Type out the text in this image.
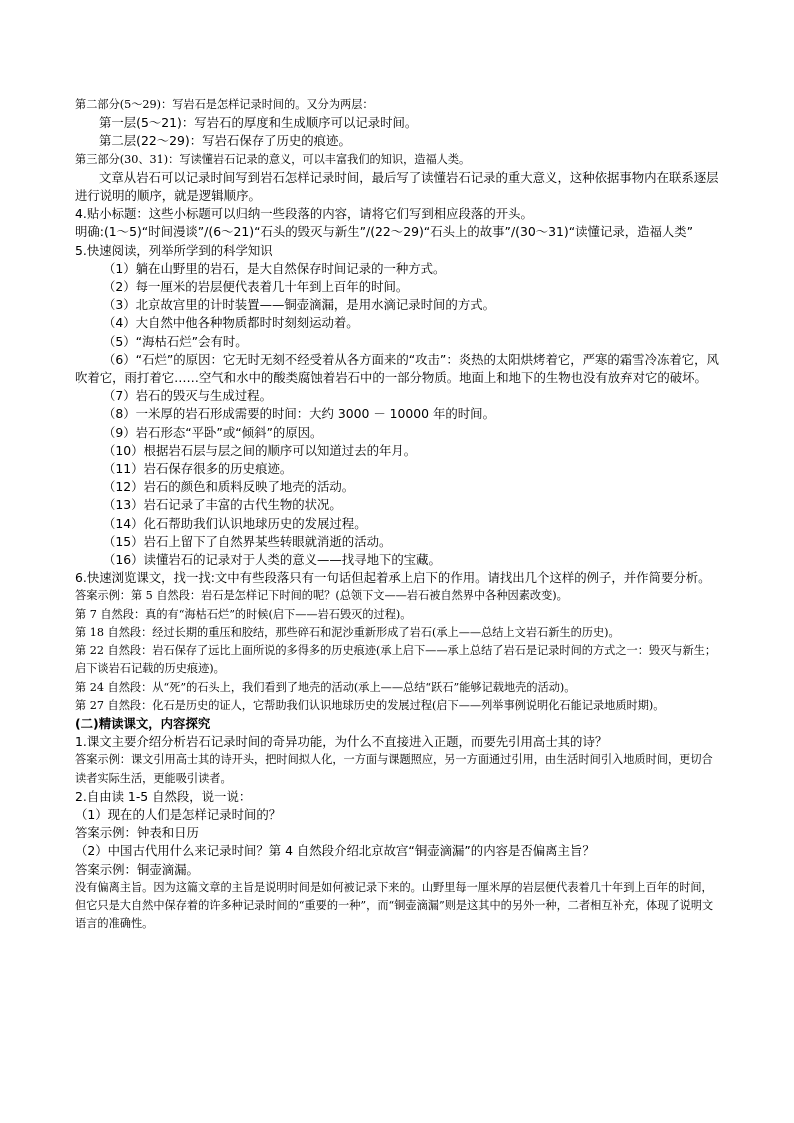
第二部分(5～29)：写岩石是怎样记录时间的。又分为两层：

第一层(5～21)：写岩石的厚度和生成顺序可以记录时间。

第二层(22～29)：写岩石保存了历史的痕迹。

第三部分(30、31)：写读懂岩石记录的意义，可以丰富我们的知识，造福人类。

文章从岩石可以记录时间写到岩石怎样记录时间，最后写了读懂岩石记录的重大意义，这种依据事物内在联系逐层进行说明的顺序，就是逻辑顺序。

4.贴小标题：这些小标题可以归纳一些段落的内容，请将它们写到相应段落的开头。

明确:(1～5)“时间漫谈”/(6～21)“石头的毁灭与新生”/(22～29)“石头上的故事”/(30～31)“读懂记录，造福人类”

5.快速阅读，列举所学到的科学知识

（1）躺在山野里的岩石，是大自然保存时间记录的一种方式。

（2）每一厘米的岩层便代表着几十年到上百年的时间。

（3）北京故宫里的计时装置——铜壶滴漏，是用水滴记录时间的方式。

（4）大自然中他各种物质都时时刻刻运动着。

（5）“海枯石烂”会有时。

（6）“石烂”的原因：它无时无刻不经受着从各方面来的“攻击”：炎热的太阳烘烤着它，严寒的霜雪冷冻着它，风吹着它，雨打着它……空气和水中的酸类腐蚀着岩石中的一部分物质。地面上和地下的生物也没有放弃对它的破坏。

（7）岩石的毁灭与生成过程。

（8）一米厚的岩石形成需要的时间：大约 3000 － 10000 年的时间。

（9）岩石形态“平卧”或“倾斜”的原因。

（10）根据岩石层与层之间的顺序可以知道过去的年月。

（11）岩石保存很多的历史痕迹。

（12）岩石的颜色和质料反映了地壳的活动。

（13）岩石记录了丰富的古代生物的状况。

（14）化石帮助我们认识地球历史的发展过程。

（15）岩石上留下了自然界某些转眼就消逝的活动。

（16）读懂岩石的记录对于人类的意义——找寻地下的宝藏。

6.快速浏览课文，找一找:文中有些段落只有一句话但起着承上启下的作用。请找出几个这样的例子，并作简要分析。

答案示例：第 5 自然段：岩石是怎样记下时间的呢？(总领下文——岩石被自然界中各种因素改变)。

第 7 自然段：真的有“海枯石烂”的时候(启下——岩石毁灭的过程)。

第 18 自然段：经过长期的重压和胶结，那些碎石和泥沙重新形成了岩石(承上——总结上文岩石新生的历史)。

第 22 自然段：岩石保存了远比上面所说的多得多的历史痕迹(承上启下——承上总结了岩石是记录时间的方式之一：毁灭与新生；启下谈岩石记载的历史痕迹)。

第 24 自然段：从“死”的石头上，我们看到了地壳的活动(承上——总结“跃石”能够记载地壳的活动)。

第 27 自然段：化石是历史的证人，它帮助我们认识地球历史的发展过程(启下——列举事例说明化石能记录地质时期)。

(二)精读课文，内容探究

1.课文主要介绍分析岩石记录时间的奇异功能，为什么不直接进入正题，而要先引用高士其的诗？

答案示例：课文引用高士其的诗开头，把时间拟人化，一方面与课题照应，另一方面通过引用，由生活时间引入地质时间，更切合读者实际生活，更能吸引读者。

2.自由读 1-5 自然段，说一说：

（1）现在的人们是怎样记录时间的？

答案示例：钟表和日历

（2）中国古代用什么来记录时间？第 4 自然段介绍北京故宫“铜壶滴漏”的内容是否偏离主旨？

答案示例：铜壶滴漏。

没有偏离主旨。因为这篇文章的主旨是说明时间是如何被记录下来的。山野里每一厘米厚的岩层便代表着几十年到上百年的时间，但它只是大自然中保存着的许多种记录时间的“重要的一种”，而“铜壶滴漏”则是这其中的另外一种，二者相互补充，体现了说明文语言的准确性。
